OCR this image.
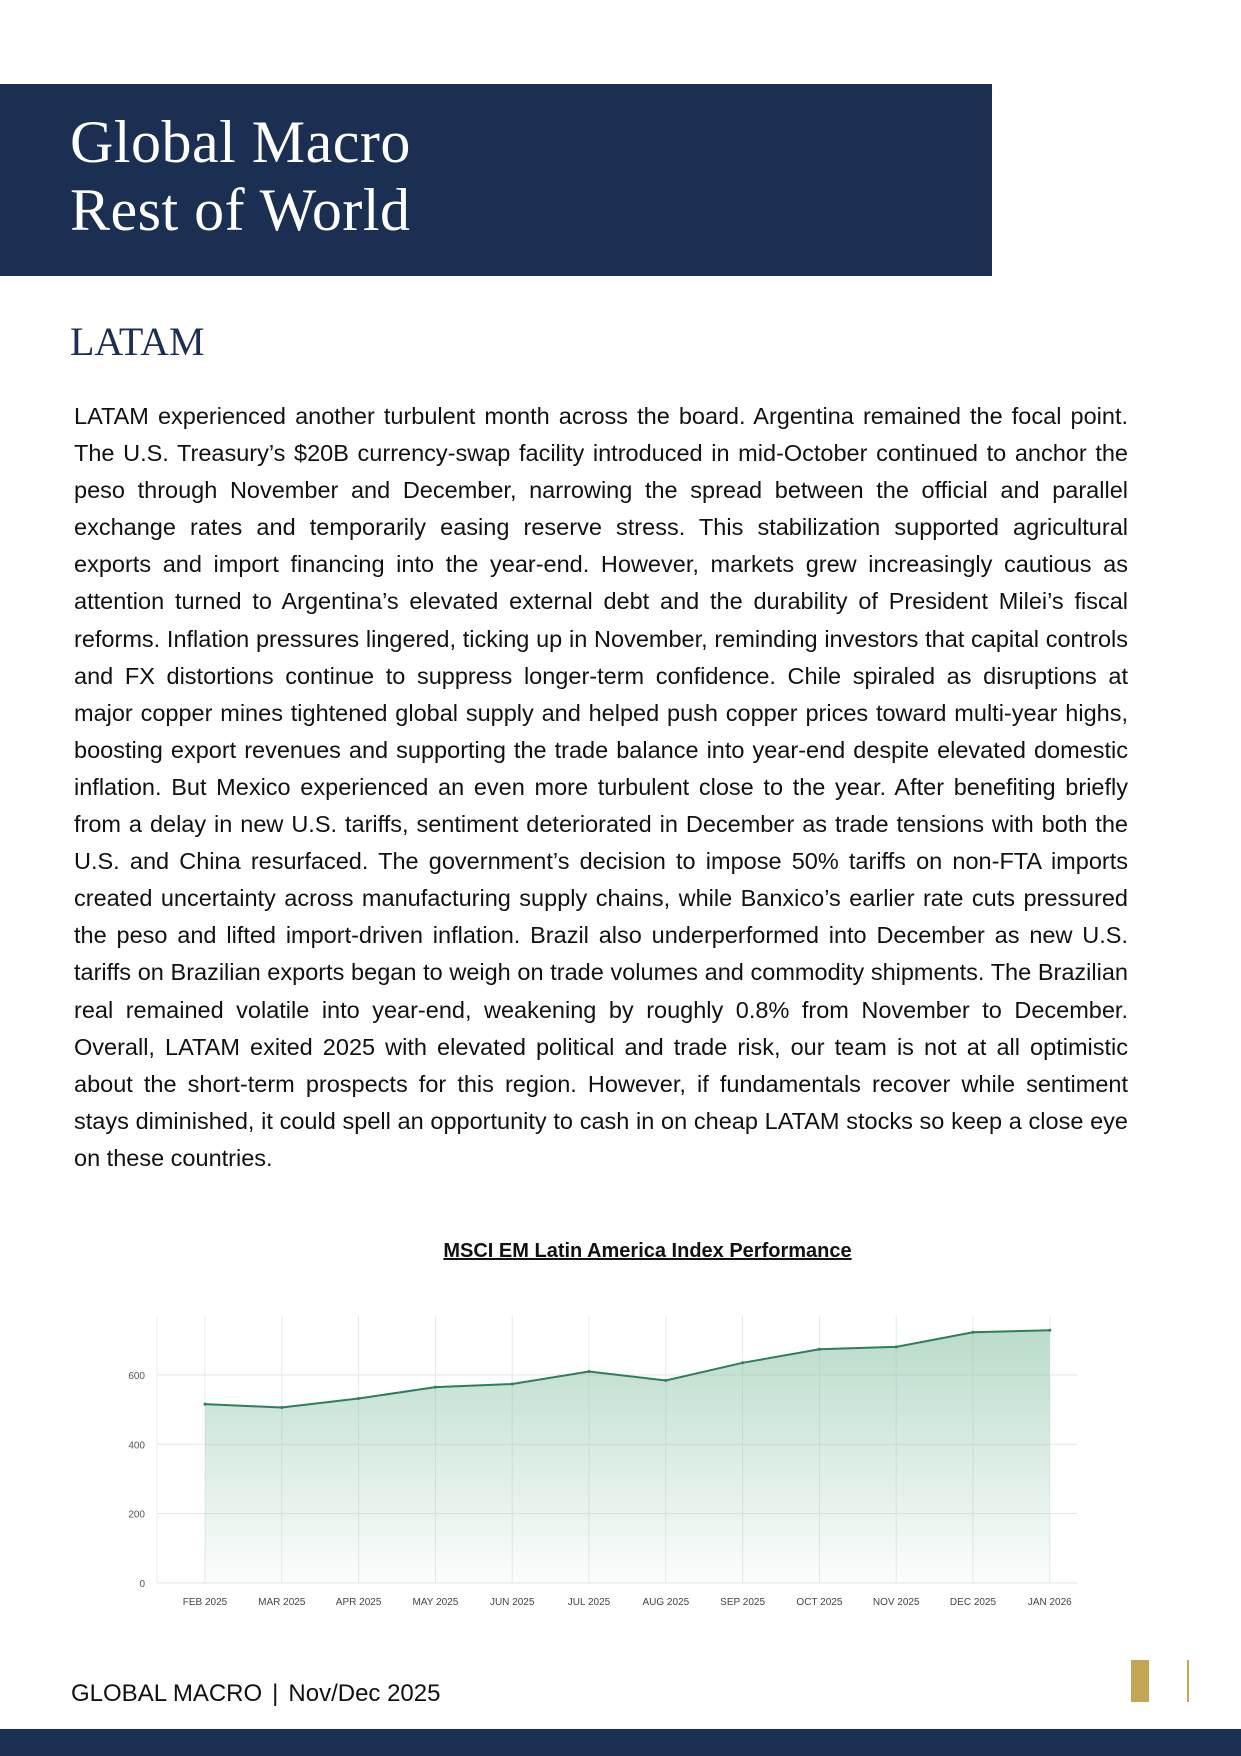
Global Macro
Rest of World
LATAM

LATAM experienced another turbulent month across the board. Argentina remained the focal point. The U.S. Treasury’s $20B currency-swap facility introduced in mid-October continued to anchor the peso through November and December, narrowing the spread between the official and parallel exchange rates and temporarily easing reserve stress. This stabilization supported agricultural exports and import financing into the year-end. However, markets grew increasingly cautious as attention turned to Argentina’s elevated external debt and the durability of President Milei’s fiscal reforms. Inflation pressures lingered, ticking up in November, reminding investors that capital controls and FX distortions continue to suppress longer-term confidence. Chile spiraled as disruptions at major copper mines tightened global supply and helped push copper prices toward multi-year highs, boosting export revenues and supporting the trade balance into year-end despite elevated domestic inflation. But Mexico experienced an even more turbulent close to the year. After benefiting briefly from a delay in new U.S. tariffs, sentiment deteriorated in December as trade tensions with both the U.S. and China resurfaced. The government’s decision to impose 50% tariffs on non-FTA imports created uncertainty across manufacturing supply chains, while Banxico’s earlier rate cuts pressured the peso and lifted import-driven inflation. Brazil also underperformed into December as new U.S. tariffs on Brazilian exports began to weigh on trade volumes and commodity shipments. The Brazilian real remained volatile into year-end, weakening by roughly 0.8% from November to December. Overall, LATAM exited 2025 with elevated political and trade risk, our team is not at all optimistic about the short-term prospects for this region. However, if fundamentals recover while sentiment stays diminished, it could spell an opportunity to cash in on cheap LATAM stocks so keep a close eye on these countries.

MSCI EM Latin America Index Performance
0
200
400
600
FEB 2025	MAR 2025	APR 2025	MAY 2025	JUN 2025	JUL 2025	AUG 2025	SEP 2025	OCT 2025	NOV 2025	DEC 2025	JAN 2026
GLOBAL MACRO | Nov/Dec 2025
